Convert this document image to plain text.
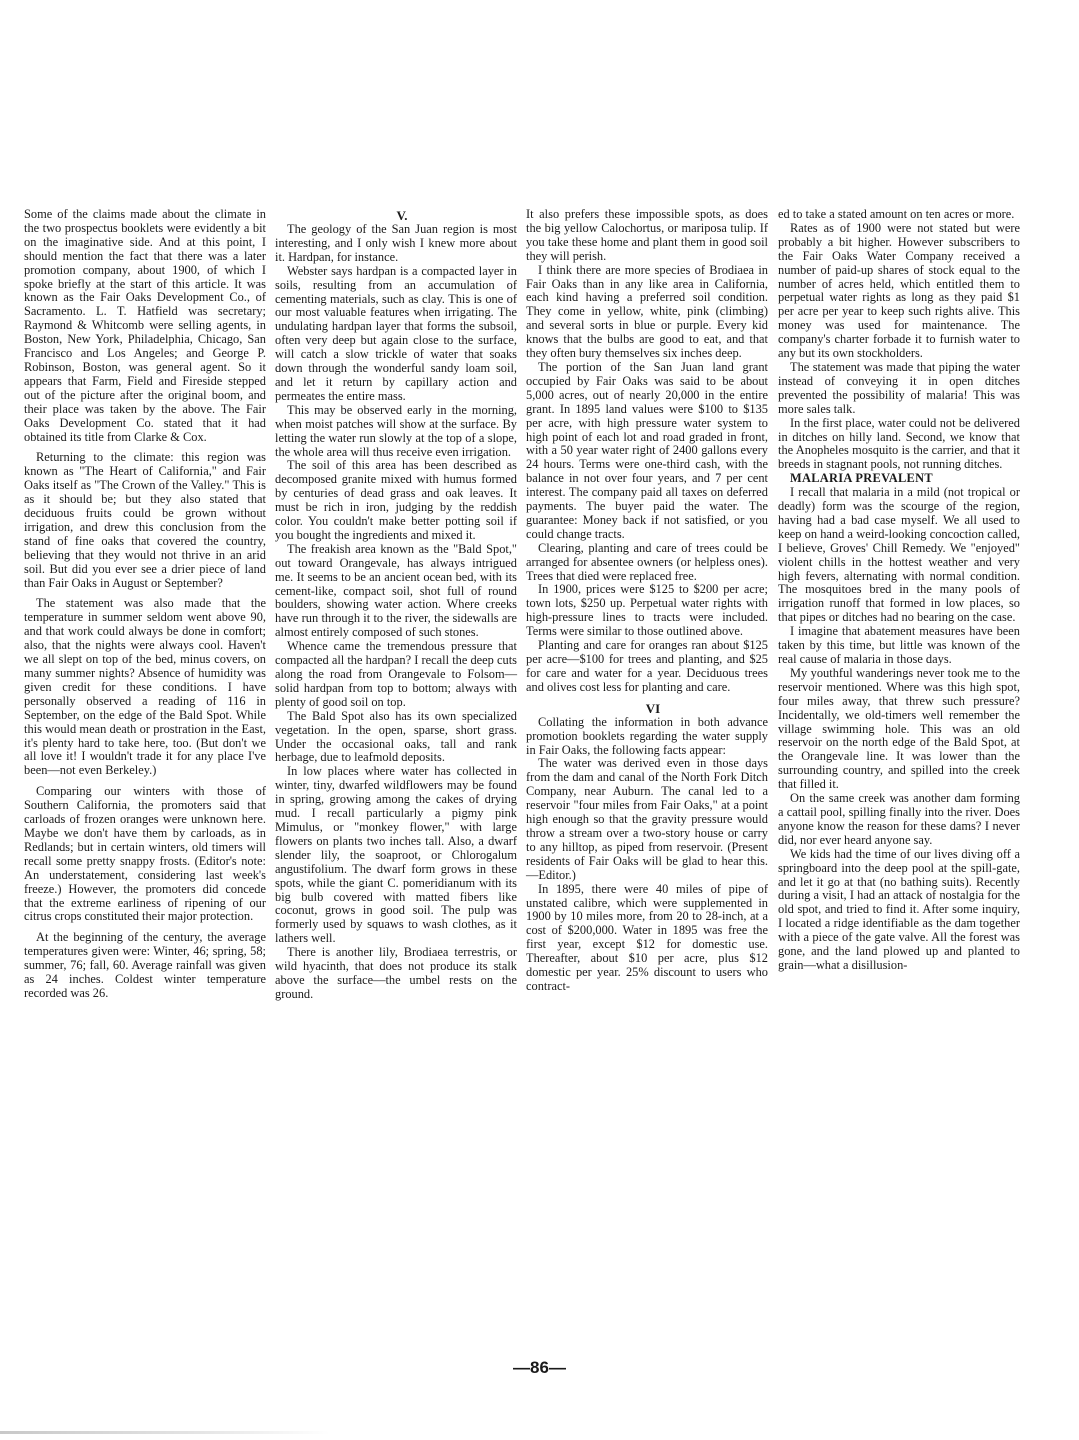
Some of the claims made about the climate in the two prospectus booklets were evidently a bit on the imaginative side. And at this point, I should mention the fact that there was a later promotion company, about 1900, of which I spoke briefly at the start of this article. It was known as the Fair Oaks Development Co., of Sacramento. L. T. Hatfield was secretary; Raymond & Whitcomb were selling agents, in Boston, New York, Philadelphia, Chicago, San Francisco and Los Angeles; and George P. Robinson, Boston, was general agent. So it appears that Farm, Field and Fireside stepped out of the picture after the original boom, and their place was taken by the above. The Fair Oaks Development Co. stated that it had obtained its title from Clarke & Cox.

Returning to the climate: this region was known as "The Heart of California," and Fair Oaks itself as "The Crown of the Valley." This is as it should be; but they also stated that deciduous fruits could be grown without irrigation, and drew this conclusion from the stand of fine oaks that covered the country, believing that they would not thrive in an arid soil. But did you ever see a drier piece of land than Fair Oaks in August or September?

The statement was also made that the temperature in summer seldom went above 90, and that work could always be done in comfort; also, that the nights were always cool. Haven't we all slept on top of the bed, minus covers, on many summer nights? Absence of humidity was given credit for these conditions. I have personally observed a reading of 116 in September, on the edge of the Bald Spot. While this would mean death or prostration in the East, it's plenty hard to take here, too. (But don't we all love it! I wouldn't trade it for any place I've been—not even Berkeley.)

Comparing our winters with those of Southern California, the promoters said that carloads of frozen oranges were unknown here. Maybe we don't have them by carloads, as in Redlands; but in certain winters, old timers will recall some pretty snappy frosts. (Editor's note: An understatement, considering last week's freeze.) However, the promoters did concede that the extreme earliness of ripening of our citrus crops constituted their major protection.

At the beginning of the century, the average temperatures given were: Winter, 46; spring, 58; summer, 76; fall, 60. Average rainfall was given as 24 inches. Coldest winter temperature recorded was 26.

V.

The geology of the San Juan region is most interesting, and I only wish I knew more about it. Hardpan, for instance.

Webster says hardpan is a compacted layer in soils, resulting from an accumulation of cementing materials, such as clay. This is one of our most valuable features when irrigating. The undulating hardpan layer that forms the subsoil, often very deep but again close to the surface, will catch a slow trickle of water that soaks down through the wonderful sandy loam soil, and let it return by capillary action and permeates the entire mass.

This may be observed early in the morning, when moist patches will show at the surface. By letting the water run slowly at the top of a slope, the whole area will thus receive even irrigation.

The soil of this area has been described as decomposed granite mixed with humus formed by centuries of dead grass and oak leaves. It must be rich in iron, judging by the reddish color. You couldn't make better potting soil if you bought the ingredients and mixed it.

The freakish area known as the "Bald Spot," out toward Orangevale, has always intrigued me. It seems to be an ancient ocean bed, with its cement-like, compact soil, shot full of round boulders, showing water action. Where creeks have run through it to the river, the sidewalls are almost entirely composed of such stones.

Whence came the tremendous pressure that compacted all the hardpan? I recall the deep cuts along the road from Orangevale to Folsom—solid hardpan from top to bottom; always with plenty of good soil on top.

The Bald Spot also has its own specialized vegetation. In the open, sparse, short grass. Under the occasional oaks, tall and rank herbage, due to leafmold deposits.

In low places where water has collected in winter, tiny, dwarfed wildflowers may be found in spring, growing among the cakes of drying mud. I recall particularly a pigmy pink Mimulus, or "monkey flower," with large flowers on plants two inches tall. Also, a dwarf slender lily, the soaproot, or Chlorogalum angustifolium. The dwarf form grows in these spots, while the giant C. pomeridianum with its big bulb covered with matted fibers like coconut, grows in good soil. The pulp was formerly used by squaws to wash clothes, as it lathers well.

There is another lily, Brodiaea terrestris, or wild hyacinth, that does not produce its stalk above the surface—the umbel rests on the ground.

It also prefers these impossible spots, as does the big yellow Calochortus, or mariposa tulip. If you take these home and plant them in good soil they will perish.

I think there are more species of Brodiaea in Fair Oaks than in any like area in California, each kind having a preferred soil condition. They come in yellow, white, pink (climbing) and several sorts in blue or purple. Every kid knows that the bulbs are good to eat, and that they often bury themselves six inches deep.

The portion of the San Juan land grant occupied by Fair Oaks was said to be about 5,000 acres, out of nearly 20,000 in the entire grant. In 1895 land values were $100 to $135 per acre, with high pressure water system to high point of each lot and road graded in front, with a 50 year water right of 2400 gallons every 24 hours. Terms were one-third cash, with the balance in not over four years, and 7 per cent interest. The company paid all taxes on deferred payments. The buyer paid the water. The guarantee: Money back if not satisfied, or you could change tracts.

Clearing, planting and care of trees could be arranged for absentee owners (or helpless ones). Trees that died were replaced free.

In 1900, prices were $125 to $200 per acre; town lots, $250 up. Perpetual water rights with high-pressure lines to tracts were included. Terms were similar to those outlined above.

Planting and care for oranges ran about $125 per acre—$100 for trees and planting, and $25 for care and water for a year. Deciduous trees and olives cost less for planting and care.

VI

Collating the information in both advance promotion booklets regarding the water supply in Fair Oaks, the following facts appear:

The water was derived even in those days from the dam and canal of the North Fork Ditch Company, near Auburn. The canal led to a reservoir "four miles from Fair Oaks," at a point high enough so that the gravity pressure would throw a stream over a two-story house or carry to any hilltop, as piped from reservoir. (Present residents of Fair Oaks will be glad to hear this.—Editor.)

In 1895, there were 40 miles of pipe of unstated calibre, which were supplemented in 1900 by 10 miles more, from 20 to 28-inch, at a cost of $200,000. Water in 1895 was free the first year, except $12 for domestic use. Thereafter, about $10 per acre, plus $12 domestic per year. 25% discount to users who contract-

ed to take a stated amount on ten acres or more.

Rates as of 1900 were not stated but were probably a bit higher. However subscribers to the Fair Oaks Water Company received a number of paid-up shares of stock equal to the number of acres held, which entitled them to perpetual water rights as long as they paid $1 per acre per year to keep such rights alive. This money was used for maintenance. The company's charter forbade it to furnish water to any but its own stockholders.

The statement was made that piping the water instead of conveying it in open ditches prevented the possibility of malaria! This was more sales talk.

In the first place, water could not be delivered in ditches on hilly land. Second, we know that the Anopheles mosquito is the carrier, and that it breeds in stagnant pools, not running ditches.

MALARIA PREVALENT

I recall that malaria in a mild (not tropical or deadly) form was the scourge of the region, having had a bad case myself. We all used to keep on hand a weird-looking concoction called, I believe, Groves' Chill Remedy. We "enjoyed" violent chills in the hottest weather and very high fevers, alternating with normal condition. The mosquitoes bred in the many pools of irrigation runoff that formed in low places, so that pipes or ditches had no bearing on the case.

I imagine that abatement measures have been taken by this time, but little was known of the real cause of malaria in those days.

My youthful wanderings never took me to the reservoir mentioned. Where was this high spot, four miles away, that threw such pressure? Incidentally, we old-timers well remember the village swimming hole. This was an old reservoir on the north edge of the Bald Spot, at the Orangevale line. It was lower than the surrounding country, and spilled into the creek that filled it.

On the same creek was another dam forming a cattail pool, spilling finally into the river. Does anyone know the reason for these dams? I never did, nor ever heard anyone say.

We kids had the time of our lives diving off a springboard into the deep pool at the spill-gate, and let it go at that (no bathing suits). Recently during a visit, I had an attack of nostalgia for the old spot, and tried to find it. After some inquiry, I located a ridge identifiable as the dam together with a piece of the gate valve. All the forest was gone, and the land plowed up and planted to grain—what a disillusion-

—86—
